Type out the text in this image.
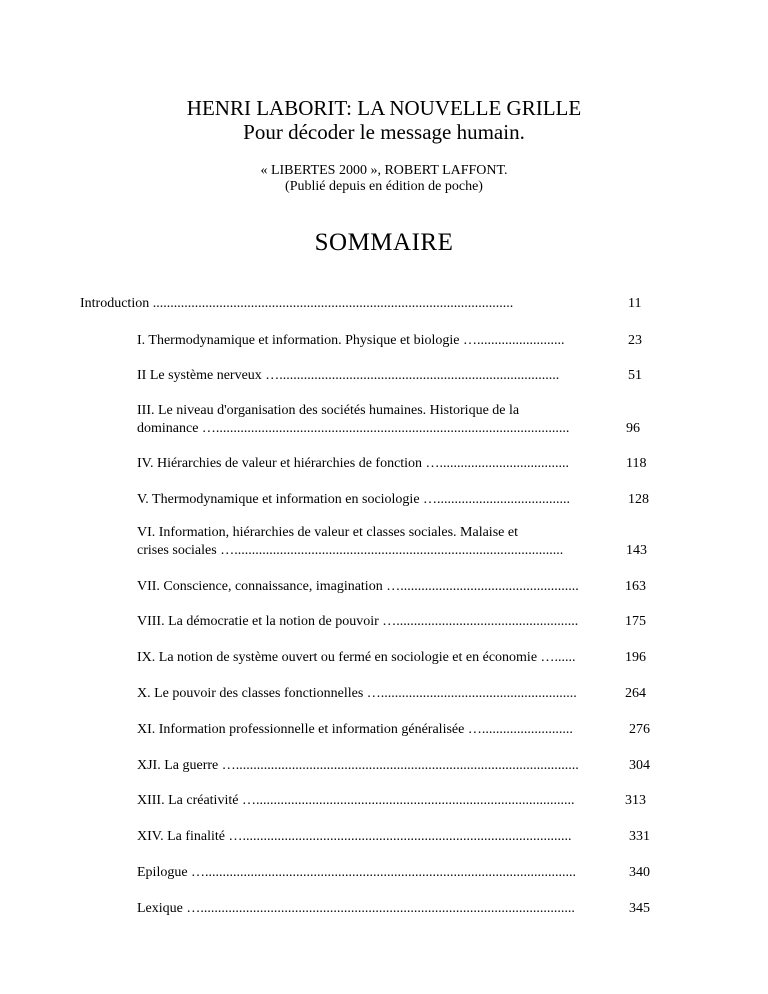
HENRI LABORIT: LA NOUVELLE GRILLE
Pour décoder le message humain.
« LIBERTES 2000 », ROBERT LAFFONT.
(Publié depuis en édition de poche)
SOMMAIRE
Introduction .......................................................................................................	11
I. Thermodynamique et information. Physique et biologie ….........................	23
II Le système nerveux …................................................................................	51
III. Le niveau d'organisation des sociétés humaines. Historique de la
dominance ….....................................................................................................	96
IV. Hiérarchies de valeur et hiérarchies de fonction ….....................................	118
V. Thermodynamique et information en sociologie …......................................	128
VI. Information, hiérarchies de valeur et classes sociales. Malaise et
crises sociales …..............................................................................................	143
VII. Conscience, connaissance, imagination …...................................................	163
VIII. La démocratie et la notion de pouvoir …....................................................	175
IX. La notion de système ouvert ou fermé en sociologie et en économie …......	196
X. Le pouvoir des classes fonctionnelles …........................................................	264
XI. Information professionnelle et information généralisée …..........................	276
XJI. La guerre …..................................................................................................	304
XIII. La créativité …...........................................................................................	313
XIV. La finalité …..............................................................................................	331
Epilogue …..........................................................................................................	340
Lexique …...........................................................................................................	345
